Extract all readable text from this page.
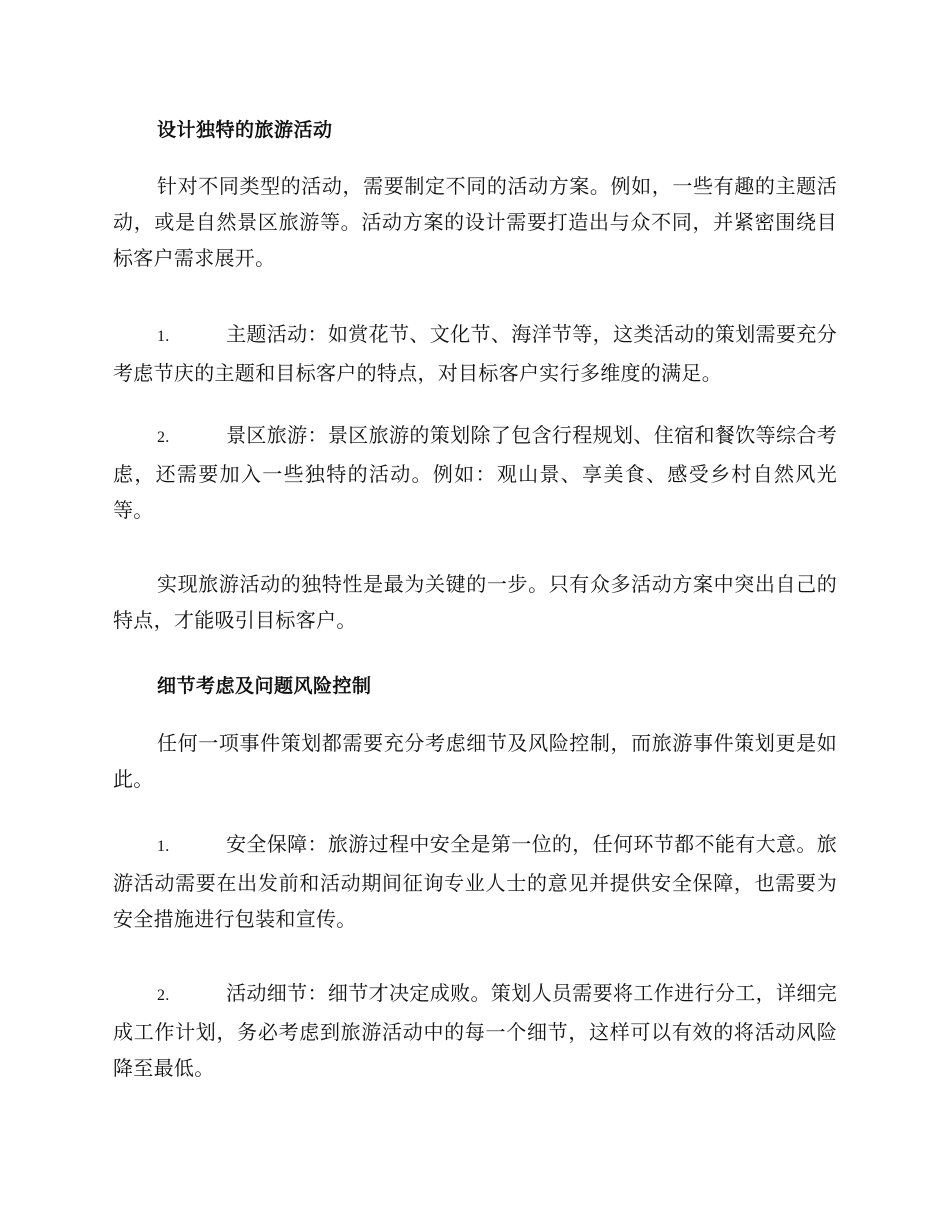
设计独特的旅游活动
针对不同类型的活动，需要制定不同的活动方案。例如，一些有趣的主题活动，或是自然景区旅游等。活动方案的设计需要打造出与众不同，并紧密围绕目标客户需求展开。
1.	主题活动：如赏花节、文化节、海洋节等，这类活动的策划需要充分考虑节庆的主题和目标客户的特点，对目标客户实行多维度的满足。
2.	景区旅游：景区旅游的策划除了包含行程规划、住宿和餐饮等综合考虑，还需要加入一些独特的活动。例如：观山景、享美食、感受乡村自然风光等。
实现旅游活动的独特性是最为关键的一步。只有众多活动方案中突出自己的特点，才能吸引目标客户。
细节考虑及问题风险控制
任何一项事件策划都需要充分考虑细节及风险控制，而旅游事件策划更是如此。
1.	安全保障：旅游过程中安全是第一位的，任何环节都不能有大意。旅游活动需要在出发前和活动期间征询专业人士的意见并提供安全保障，也需要为安全措施进行包装和宣传。
2.	活动细节：细节才决定成败。策划人员需要将工作进行分工，详细完成工作计划，务必考虑到旅游活动中的每一个细节，这样可以有效的将活动风险降至最低。
